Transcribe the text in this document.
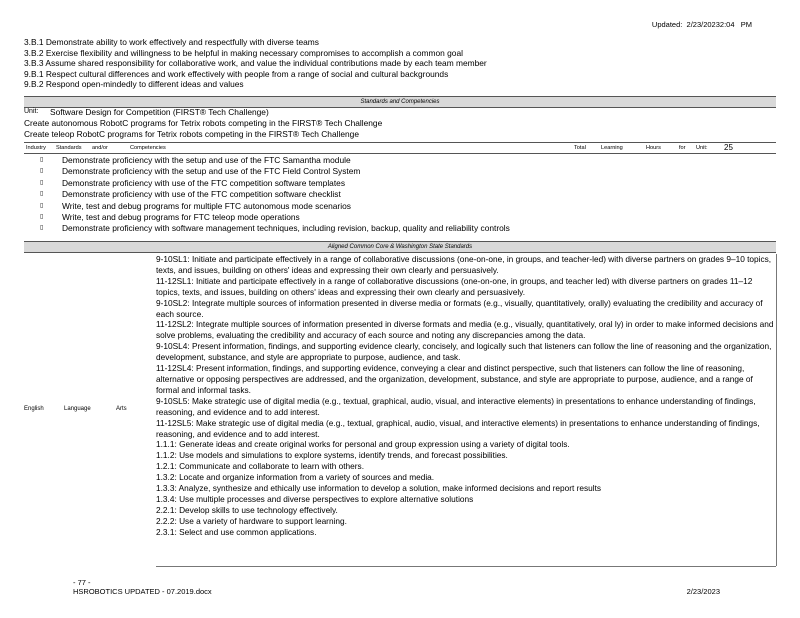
Updated:  2/23/20232:04   PM
3.B.1 Demonstrate ability to work effectively and respectfully with diverse teams
3.B.2 Exercise flexibility and willingness to be helpful in making necessary compromises to accomplish a common goal
3.B.3 Assume shared responsibility for collaborative work, and value the individual contributions made by each team member
9.B.1 Respect cultural differences and work effectively with people from a range of social and cultural backgrounds
9.B.2 Respond open-mindedly to different ideas and values
Standards and Competencies
Unit:	Software Design for Competition (FIRST® Tech Challenge)
Create autonomous RobotC programs for Tetrix robots competing in the FIRST® Tech Challenge
Create teleop RobotC programs for Tetrix robots competing in the FIRST® Tech Challenge
Industry Standards and/or	Competencies	Total	Learning	Hours	for Unit: 25
▯	Demonstrate proficiency with the setup and use of the FTC Samantha module
▯	Demonstrate proficiency with the setup and use of the FTC Field Control System
▯	Demonstrate proficiency with use of the FTC competition software templates
▯	Demonstrate proficiency with use of the FTC competition software checklist
▯	Write, test and debug programs for multiple FTC autonomous mode scenarios
▯	Write, test and debug programs for FTC teleop mode operations
▯	Demonstrate proficiency with software management techniques, including revision, backup, quality and reliability controls
Aligned Common Core & Washington State Standards
English	Language	Arts
9-10SL1: Initiate and participate effectively in a range of collaborative discussions (one-on-one, in groups, and teacher-led) with diverse partners on grades 9–10 topics, texts, and issues, building on others' ideas and expressing their own clearly and persuasively.
11-12SL1: Initiate and participate effectively in a range of collaborative discussions (one-on-one, in groups, and teacher led) with diverse partners on grades 11–12 topics, texts, and issues, building on others' ideas and expressing their own clearly and persuasively.
9-10SL2: Integrate multiple sources of information presented in diverse media or formats (e.g., visually, quantitatively, orally) evaluating the credibility and accuracy of each source.
11-12SL2: Integrate multiple sources of information presented in diverse formats and media (e.g., visually, quantitatively, oral ly) in order to make informed decisions and solve problems, evaluating the credibility and accuracy of each source and noting any discrepancies among the data.
9-10SL4: Present information, findings, and supporting evidence clearly, concisely, and logically such that listeners can follow the line of reasoning and the organization, development, substance, and style are appropriate to purpose, audience, and task.
11-12SL4: Present information, findings, and supporting evidence, conveying a clear and distinct perspective, such that listeners can follow the line of reasoning, alternative or opposing perspectives are addressed, and the organization, development, substance, and style are appropriate to purpose, audience, and a range of formal and informal tasks.
9-10SL5: Make strategic use of digital media (e.g., textual, graphical, audio, visual, and interactive elements) in presentations to enhance understanding of findings, reasoning, and evidence and to add interest.
11-12SL5: Make strategic use of digital media (e.g., textual, graphical, audio, visual, and interactive elements) in presentations to enhance understanding of findings, reasoning, and evidence and to add interest.
1.1.1: Generate ideas and create original works for personal and group expression using a variety of digital tools.
1.1.2: Use models and simulations to explore systems, identify trends, and forecast possibilities.
1.2.1: Communicate and collaborate to learn with others.
1.3.2: Locate and organize information from a variety of sources and media.
1.3.3: Analyze, synthesize and ethically use information to develop a solution, make informed decisions and report results
1.3.4: Use multiple processes and diverse perspectives to explore alternative solutions
2.2.1: Develop skills to use technology effectively.
2.2.2: Use a variety of hardware to support learning.
2.3.1: Select and use common applications.
- 77 -
HSROBOTICS UPDATED - 07.2019.docx	2/23/2023
